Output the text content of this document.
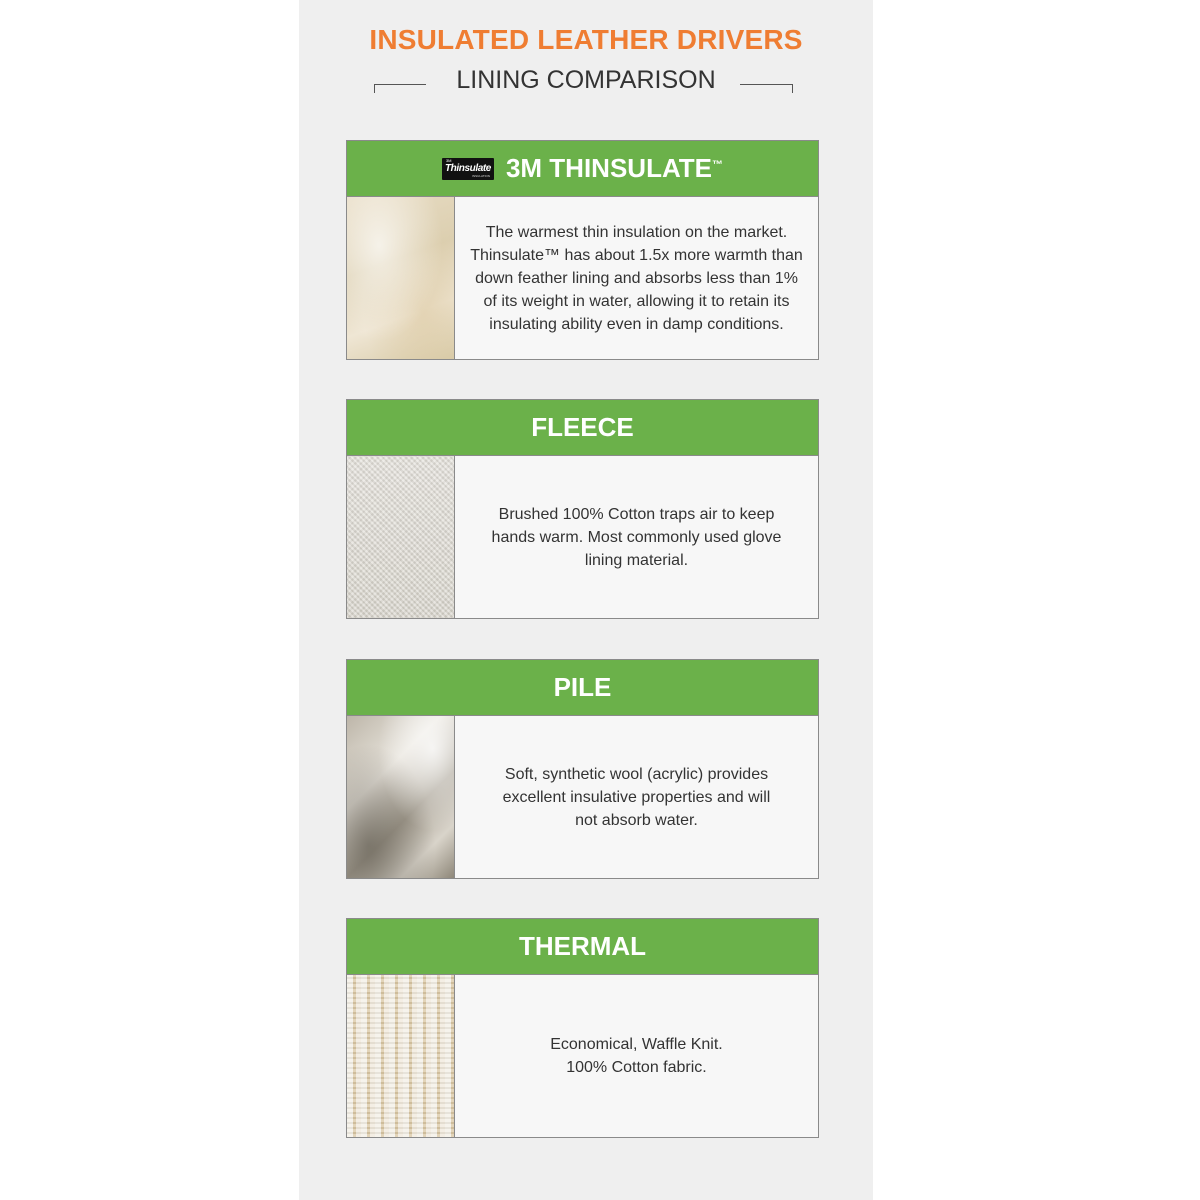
INSULATED LEATHER DRIVERS
LINING COMPARISON
3M
Thinsulate
INSULATION 3M THINSULATE ™
The warmest thin insulation on the market.
Thinsulate™ has about 1.5x more warmth than
down feather lining and absorbs less than 1%
of its weight in water, allowing it to retain its
insulating ability even in damp conditions.
FLEECE
Brushed 100% Cotton traps air to keep
hands warm. Most commonly used glove
lining material.
PILE
Soft, synthetic wool (acrylic) provides
excellent insulative properties and will
not absorb water.
THERMAL
Economical, Waffle Knit.
100% Cotton fabric.
